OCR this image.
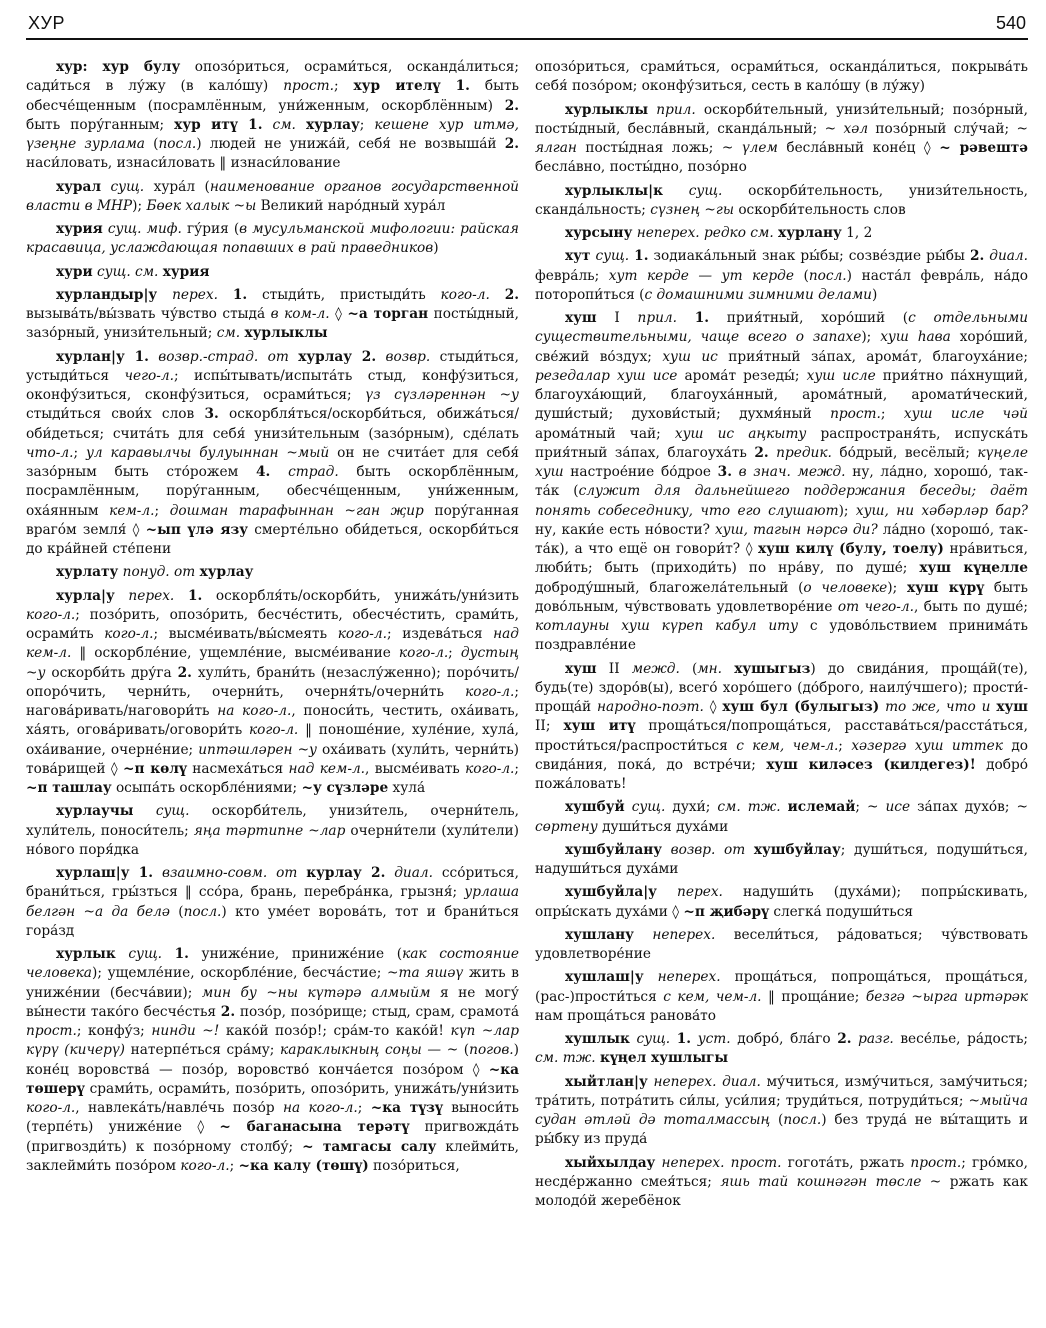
ХУР	540

хур: хур булу опозо́риться, осрами́ться, оскандáлиться; сади́ться в лу́жу (в кало́шу) прост.; хур ителү 1. быть обесче́щенным (посрамлённым, уни́женным, оскорблённым) 2. быть пору́ганным; хур итү 1. см. хурлау; кешене хур итмә, үзеңне зурлама (посл.) людей не унижа́й, себя́ не возвыша́й 2. наси́ловать, изнаси́ловать ‖ изнаси́лование

хурал сущ. хура́л (наименование органов государственной власти в МНР); Бөек халык ~ы Великий наро́дный хура́л

хурия сущ. миф. гу́рия (в мусульманской мифологии: райская красавица, услаждающая попавших в рай праведников)

хури сущ. см. хурия

хурландыр|у перех. 1. стыди́ть, пристыди́ть кого-л. 2. вызыва́ть/вы́звать чу́вство стыда́ в ком-л. ◊ ~а торган посты́дный, зазо́рный, унизи́тельный; см. хурлыклы

хурлан|у 1. возвр.-страд. от хурлау 2. возвр. стыди́ться, устыди́ться чего-л.; испы́тывать/испыта́ть стыд, конфу́зиться, оконфу́зиться, сконфу́зиться, осрами́ться; үз сүзләреннән ~у стыди́ться свои́х слов 3. оскорбля́ться/оскорби́ться, обижа́ться/оби́деться; счита́ть для себя́ унизи́тельным (зазо́рным), сде́лать что-л.; ул каравылчы булуыннан ~мый он не счита́ет для себя́ зазо́рным быть сто́рожем 4. страд. быть оскорблённым, посрамлённым, пору́ганным, обесче́щенным, уни́женным, оха́янным кем-л.; дошман тарафыннан ~ган җир пору́ганная врагóм земля́ ◊ ~ып үлә язу смерте́льно оби́деться, оскорби́ться до кра́йней сте́пени

хурлату понуд. от хурлау

хурла|у перех. 1. оскорбля́ть/оскорби́ть, унижа́ть/уни́зить кого-л.; позо́рить, опозо́рить, бесче́стить, обесче́стить, срами́ть, осрами́ть кого-л.; высме́ивать/вы́смеять кого-л.; издева́ться над кем-л. ‖ оскорбле́ние, ущемле́ние, высме́ивание кого-л.; дустың ~у оскорби́ть дру́га 2. хули́ть, брани́ть (незаслу́женно); поро́чить/опоро́чить, черни́ть, очерни́ть, очерня́ть/очерни́ть кого-л.; нагова́ривать/наговори́ть на кого-л., поноси́ть, честить, оха́ивать, ха́ять, огова́ривать/оговори́ть кого-л. ‖ поноше́ние, хуле́ние, хула́, оха́ивание, очерне́ние; иптәшләрен ~у оха́ивать (хули́ть, черни́ть) това́рищей ◊ ~п көлү насмеха́ться над кем-л., высме́ивать кого-л.; ~п ташлау осыпа́ть оскорбле́ниями; ~у сүзләре хула́

хурлаучы сущ. оскорби́тель, унизи́тель, очерни́тель, хули́тель, поноси́тель; яңа тәртипне ~лар очерни́тели (хули́тели) но́вого поря́дка

хурлаш|у 1. взаимно-совм. от курлау 2. диал. ссо́риться, брани́ться, гры́зться ‖ ссо́ра, брань, перебра́нка, грызня́; урлаша белгән ~а да белә (посл.) кто уме́ет ворова́ть, тот и брани́ться гора́зд

хурлык сущ. 1. униже́ние, приниже́ние (как состояние человека); ущемле́ние, оскорбле́ние, бесча́стие; ~та яшәү жить в униже́нии (бесча́вии); мин бу ~ны күтәрә алмыйм я не могу́ вы́нести тако́го бесче́стья 2. позо́р, позо́рище; стыд, срам, срамота́ прост.; конфу́з; нинди ~! како́й позо́р!; сра́м-то како́й! күп ~лар күрү (кичерү) натерпе́ться сра́му; караклыкның соңы — ~ (погов.) коне́ц воровства́ — позо́р, воровство́ конча́ется позо́ром ◊ ~ка төшерү срами́ть, осрами́ть, позо́рить, опозо́рить, унижа́ть/уни́зить кого-л., навлека́ть/навле́чь позо́р на кого-л.; ~ка түзү выноси́ть (терпе́ть) униже́ние ◊ ~ баганасына терәтү пригвожда́ть (пригвозди́ть) к позо́рному столбу́; ~ тамгасы салу клейми́ть, заклейми́ть позо́ром кого-л.; ~ка калу (төшү) позо́риться,

опозо́риться, срами́ться, осрами́ться, оскандáлиться, покрыва́ть себя́ позо́ром; оконфу́зиться, сесть в кало́шу (в лу́жу)

хурлыклы прил. оскорби́тельный, унизи́тельный; позо́рный, посты́дный, бесла́вный, сканда́льный; ~ хәл позо́рный слу́чай; ~ ялган посты́дная ложь; ~ үлем бесла́вный коне́ц ◊ ~ рәвештә бесла́вно, посты́дно, позо́рно

хурлыклы|к сущ. оскорби́тельность, унизи́тельность, сканда́льность; сүзнең ~гы оскорби́тельность слов

хурсыну неперех. редко см. хурлану 1, 2

хут сущ. 1. зодиака́льный знак ры́бы; созве́здие ры́бы 2. диал. февра́ль; хут керде — ут керде (посл.) наста́л февра́ль, на́до поторопи́ться (с домашними зимними делами)

хуш I прил. 1. прия́тный, хоро́ший (с отдельными существительными, чаще всего о запахе); хуш һава хоро́ший, све́жий во́здух; хуш ис прия́тный за́пах, аромáт, благоуха́ние; резедалар хуш исе арома́т резеды́; хуш исле прия́тно па́хнущий, благоуха́ющий, благоуха́нный, арома́тный, аромати́ческий, души́стый; духови́стый; духмя́ный прост.; хуш исле чәй арома́тный чай; хуш ис аңкыту распространя́ть, испуска́ть прия́тный за́пах, благоуха́ть 2. предик. бо́дрый, весёлый; күңеле хуш настрое́ние бо́дрое 3. в знач. межд. ну, ла́дно, хорошо́, так-та́к (служит для дальнейшего поддержания беседы; даёт понять собеседнику, что его слушают); хуш, ни хәбәрләр бар? ну, каки́е есть но́вости? хуш, тагын нәрсә ди? ла́дно (хорошо́, так-та́к), а что ещё он говори́т? ◊ хуш килү (булу, тоелу) нра́виться, люби́ть; быть (приходи́ть) по нра́ву, по душе́; хуш күңелле доброду́шный, благожела́тельный (о человеке); хуш күрү быть дово́льным, чу́вствовать удовлетворе́ние от чего-л., быть по душе́; котлауны хуш күреп кабул иту с удово́льствием принима́ть поздравле́ние

хуш II межд. (мн. хушыгыз) до свида́ния, проща́й(те), будь(те) здоро́в(ы), всего́ хоро́шего (до́брого, наилу́чшего); прости́-проща́й народно-поэт. ◊ хуш бул (булыгыз) то же, что и хуш II; хуш итү проща́ться/попроща́ться, расстава́ться/расста́ться, прости́ться/распрости́ться с кем, чем-л.; хәзергә хуш иттек до свида́ния, пока́, до встре́чи; хуш киләсез (килдегез)! добро́ пожа́ловать!

хушбуй сущ. духи́; см. тж. ислемай; ~ исе за́пах духо́в; ~ сөртену души́ться духа́ми

хушбуйлану возвр. от хушбуйлау; души́ться, подуши́ться, надуши́ться духа́ми

хушбуйла|у перех. надуши́ть (духа́ми); попры́скивать, опры́скать духа́ми ◊ ~п җибәрү слегка́ подуши́ться

хушлану неперех. весели́ться, ра́доваться; чу́вствовать удовлетворе́ние

хушлаш|у неперех. проща́ться, попроща́ться, проща́ться, (рас-)прости́ться с кем, чем-л. ‖ проща́ние; безгә ~ырга иртәрәк нам проща́ться ранова́то

хушлык сущ. 1. уст. добро́, бла́го 2. разг. весе́лье, ра́дость; см. тж. күңел хушлыгы

хыйтлан|у неперех. диал. му́читься, изму́читься, заму́читься; тра́тить, потра́тить си́лы, уси́лия; труди́ться, потруди́ться; ~мыйча судан әтләй дә тоталмассың (посл.) без труда́ не вы́тащить и ры́бку из пруда́

хыйхылдау неперех. прост. гогота́ть, ржать прост.; гро́мко, несде́ржанно смея́ться; яшь тай кошнәгән төсле ~ ржать как молодо́й жеребёнок
